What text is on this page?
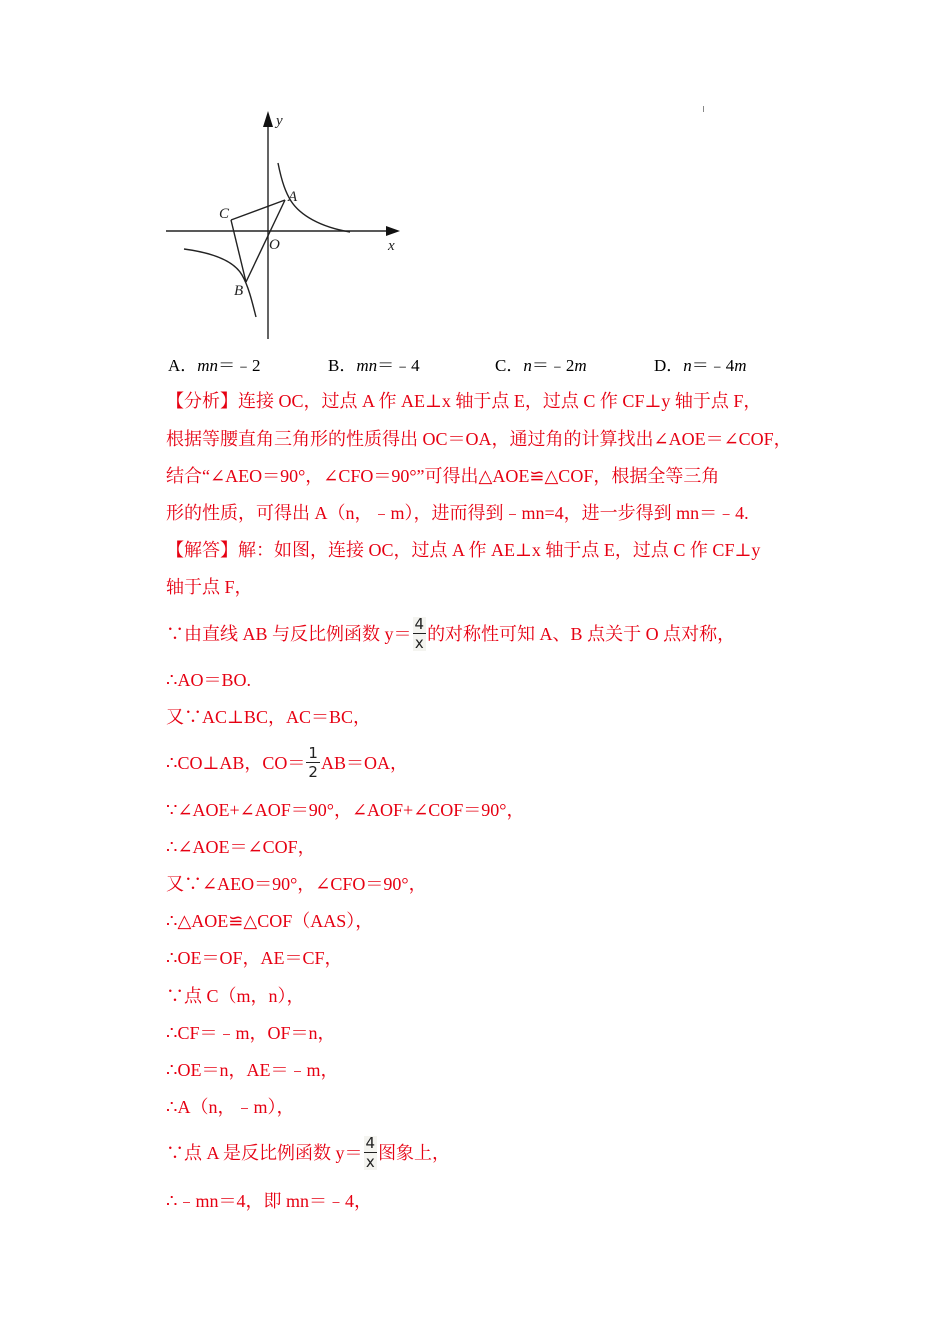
y
x
O
A
C
B
A．mn＝﹣2	B．mn＝﹣4	C．n＝﹣2m	D．n＝﹣4m
【分析】连接 OC，过点 A 作 AE⊥x 轴于点 E，过点 C 作 CF⊥y 轴于点 F，
根据等腰直角三角形的性质得出 OC＝OA，通过角的计算找出∠AOE＝∠COF，
结合“∠AEO＝90°，∠CFO＝90°”可得出△AOE≌△COF，根据全等三角
形的性质，可得出 A（n，﹣m），进而得到﹣mn=4，进一步得到 mn＝﹣4.
【解答】解：如图，连接 OC，过点 A 作 AE⊥x 轴于点 E，过点 C 作 CF⊥y
轴于点 F，
∵由直线 AB 与反比例函数 $y= \frac{4}{x}$ 的对称性可知 A、B 点关于 O 点对称，
∴AO＝BO.
又∵AC⊥BC，AC＝BC，
∴CO⊥AB，$CO= \frac{1}{2} AB=OA$，
∵∠AOE+∠AOF＝90°，∠AOF+∠COF＝90°，
∴∠AOE＝∠COF，
又∵∠AEO＝90°，∠CFO＝90°，
∴△AOE≌△COF（AAS），
∴OE＝OF，AE＝CF，
∵点 C（m，n），
∴CF＝﹣m，OF＝n，
∴OE＝n，AE＝﹣m，
∴A（n，﹣m），
∵点 A 是反比例函数 $y= \frac{4}{x}$ 图象上，
∴﹣mn＝4，即 mn＝﹣4，
